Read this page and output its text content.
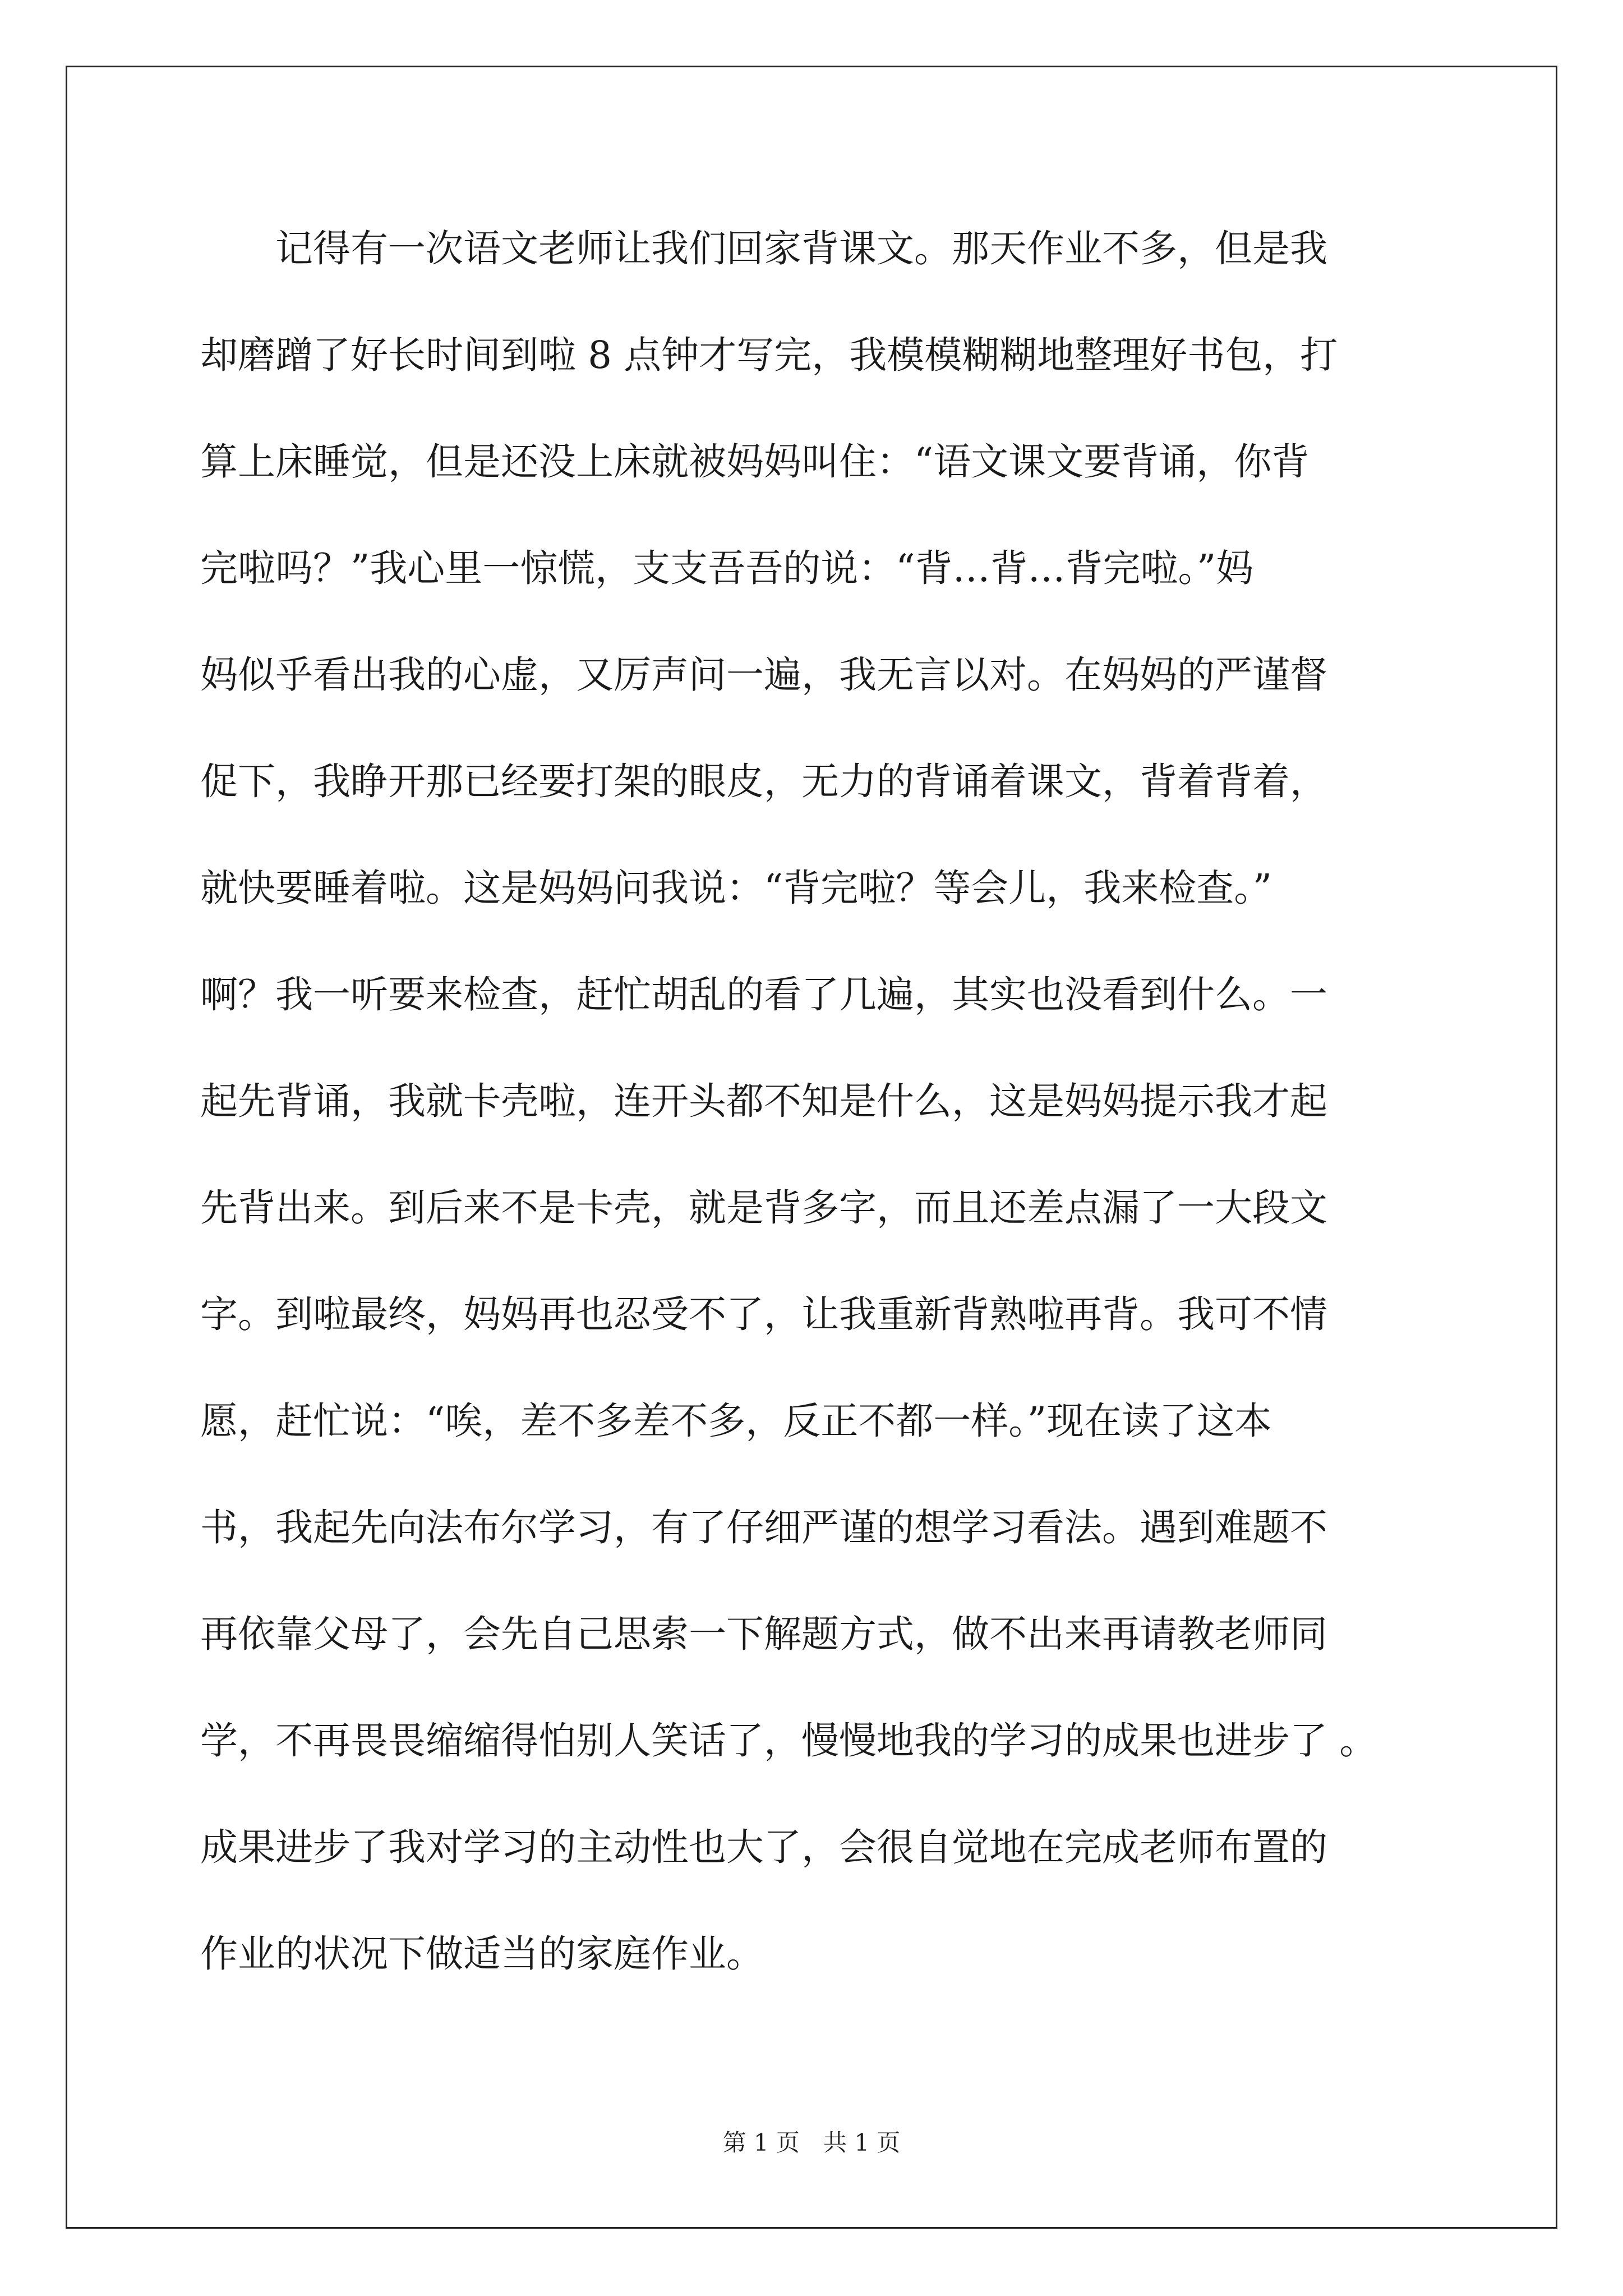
记得有一次语文老师让我们回家背课文。那天作业不多，但是我
却磨蹭了好长时间到啦 8 点钟才写完，我模模糊糊地整理好书包，打
算上床睡觉，但是还没上床就被妈妈叫住：“语文课文要背诵，你背
完啦吗？”我心里一惊慌，支支吾吾的说：“背…背…背完啦。”妈
妈似乎看出我的心虚，又厉声问一遍，我无言以对。在妈妈的严谨督
促下，我睁开那已经要打架的眼皮，无力的背诵着课文，背着背着，
就快要睡着啦。这是妈妈问我说：“背完啦？等会儿，我来检查。”
啊？我一听要来检查，赶忙胡乱的看了几遍，其实也没看到什么。一
起先背诵，我就卡壳啦，连开头都不知是什么，这是妈妈提示我才起
先背出来。到后来不是卡壳，就是背多字，而且还差点漏了一大段文
字。到啦最终，妈妈再也忍受不了，让我重新背熟啦再背。我可不情
愿，赶忙说：“唉，差不多差不多，反正不都一样。”现在读了这本
书，我起先向法布尔学习，有了仔细严谨的想学习看法。遇到难题不
再依靠父母了，会先自己思索一下解题方式，做不出来再请教老师同
学，不再畏畏缩缩得怕别人笑话了，慢慢地我的学习的成果也进步了 。
成果进步了我对学习的主动性也大了，会很自觉地在完成老师布置的
作业的状况下做适当的家庭作业。
第 1 页　共 1 页
